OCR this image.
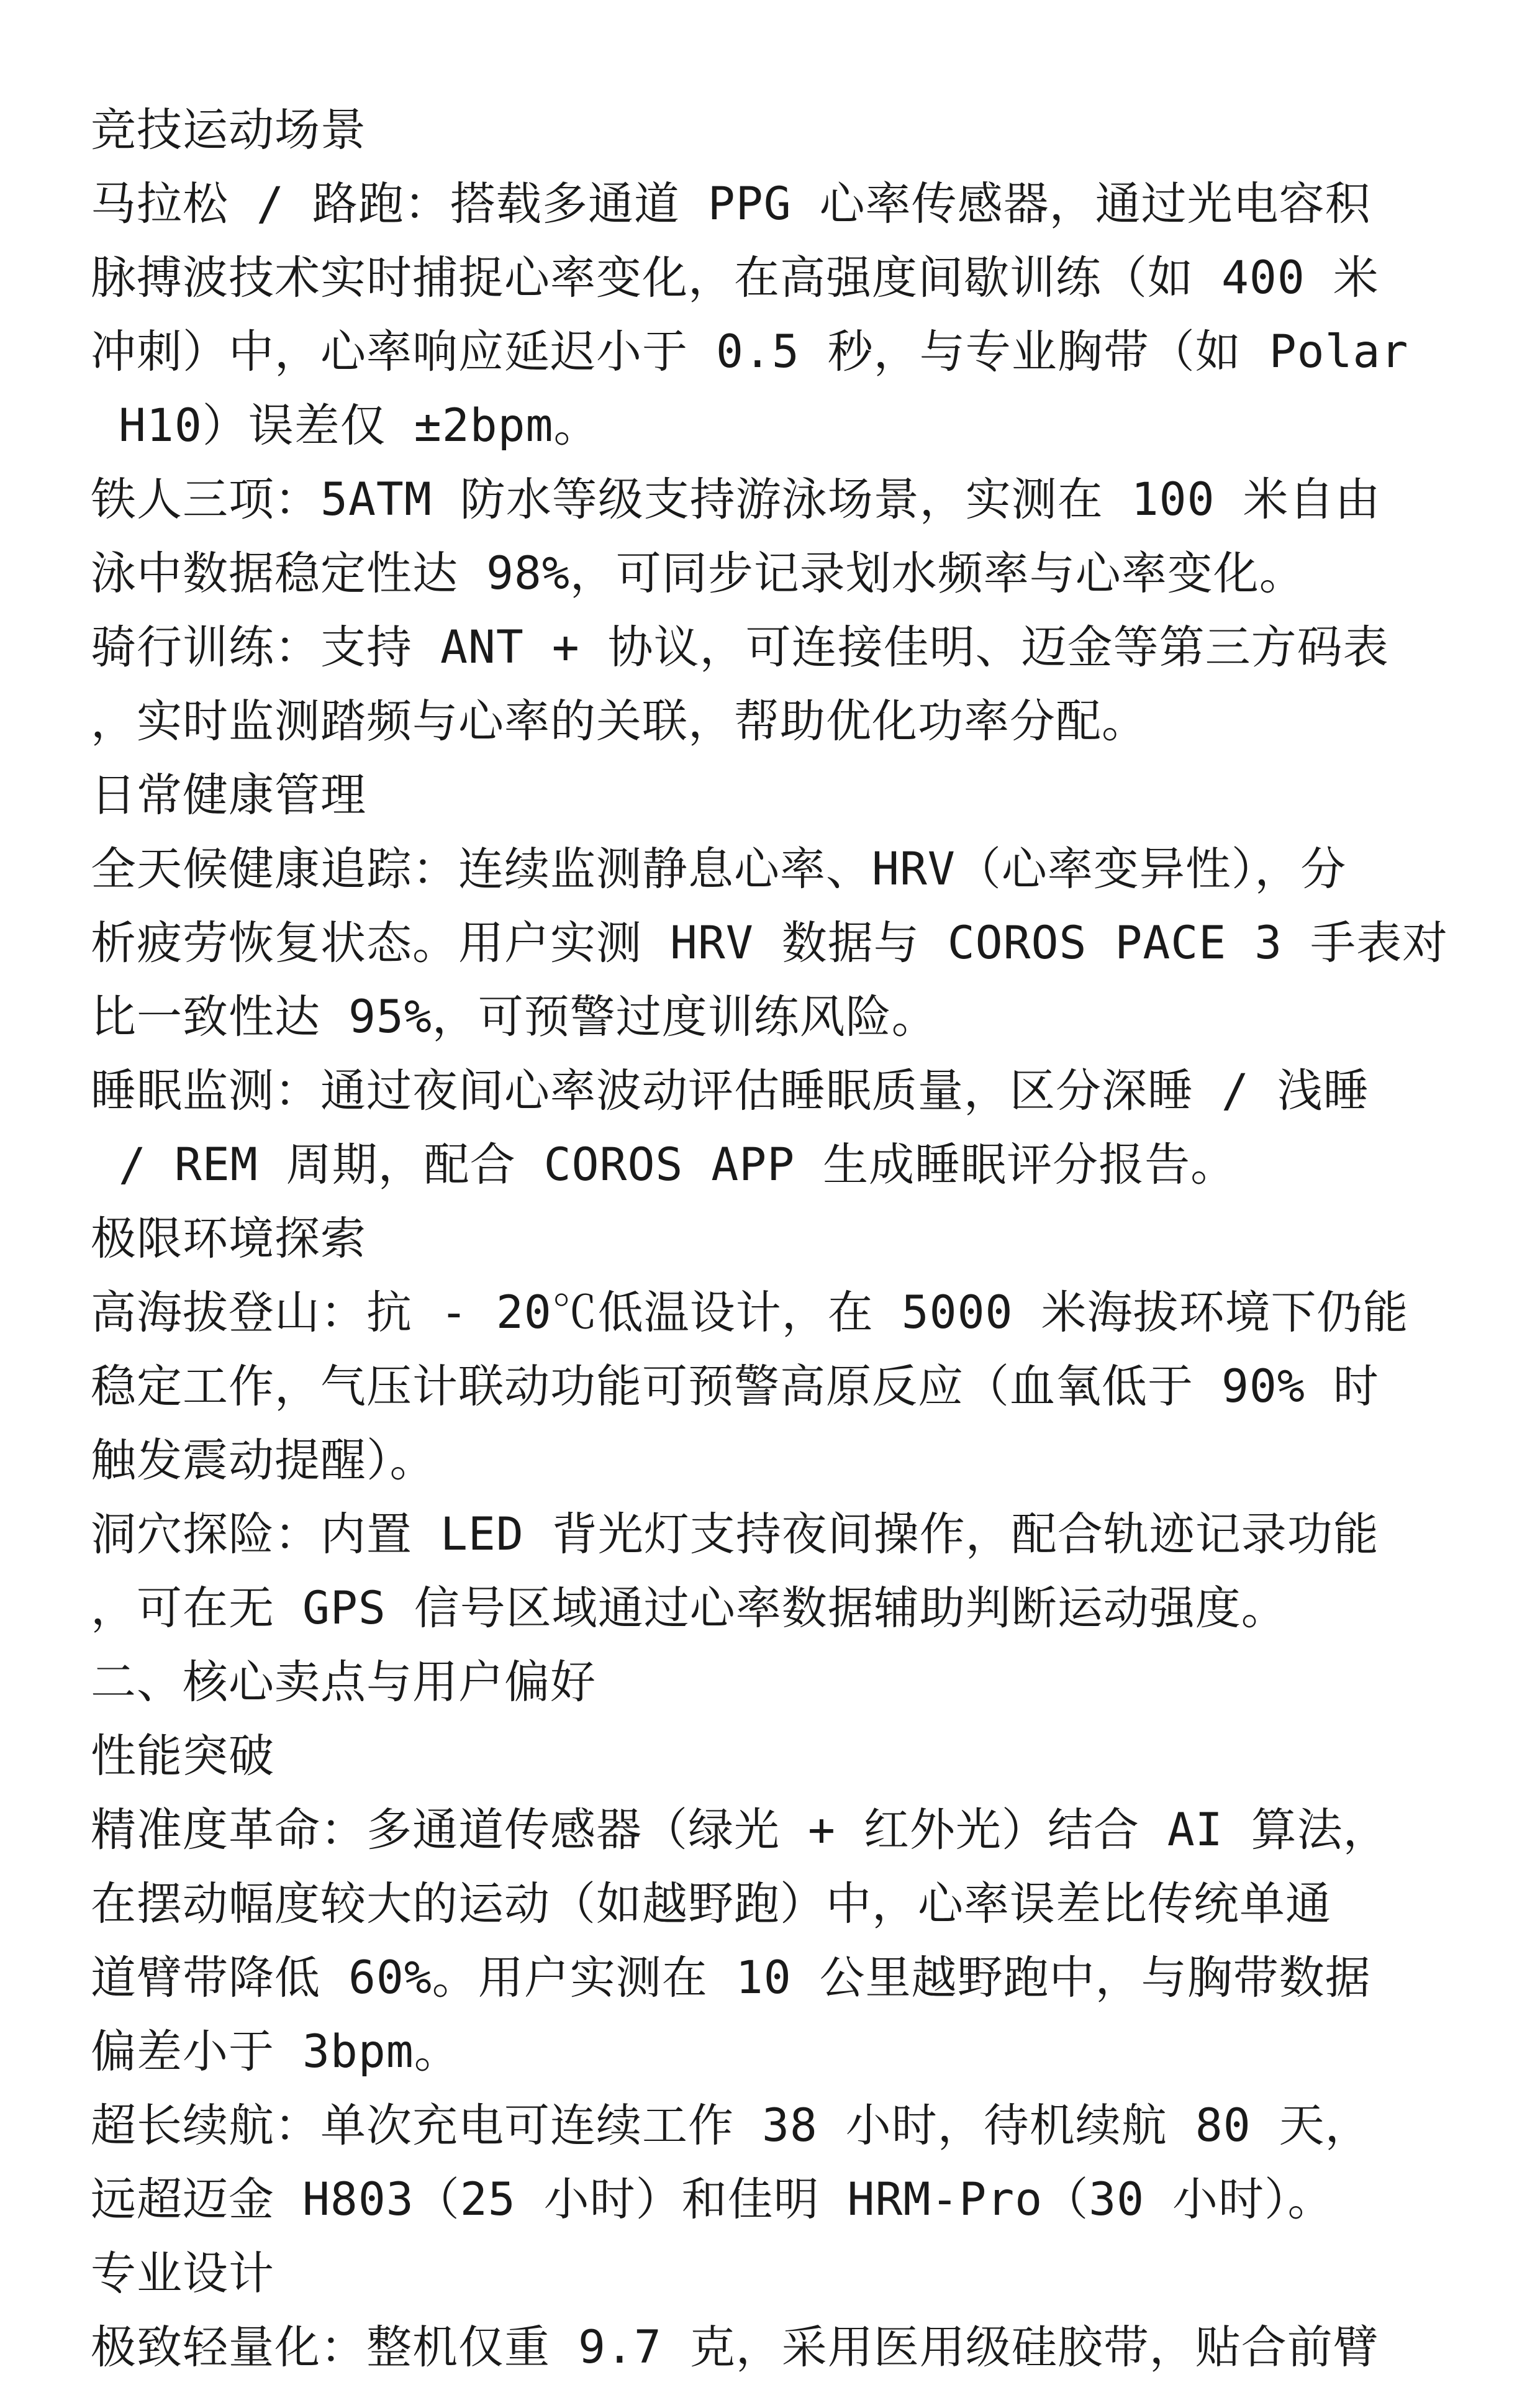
竞技运动场景
马拉松 / 路跑：搭载多通道 PPG 心率传感器，通过光电容积
脉搏波技术实时捕捉心率变化，在高强度间歇训练（如 400 米
冲刺）中，心率响应延迟小于 0.5 秒，与专业胸带（如 Polar
H10）误差仅 ±2bpm。
铁人三项：5ATM 防水等级支持游泳场景，实测在 100 米自由
泳中数据稳定性达 98%，可同步记录划水频率与心率变化。
骑行训练：支持 ANT + 协议，可连接佳明、迈金等第三方码表
，实时监测踏频与心率的关联，帮助优化功率分配。
日常健康管理
全天候健康追踪：连续监测静息心率、HRV（心率变异性），分
析疲劳恢复状态。用户实测 HRV 数据与 COROS PACE 3 手表对
比一致性达 95%，可预警过度训练风险。
睡眠监测：通过夜间心率波动评估睡眠质量，区分深睡 / 浅睡
/ REM 周期，配合 COROS APP 生成睡眠评分报告。
极限环境探索
高海拔登山：抗 - 20℃低温设计，在 5000 米海拔环境下仍能
稳定工作，气压计联动功能可预警高原反应（血氧低于 90% 时
触发震动提醒）。
洞穴探险：内置 LED 背光灯支持夜间操作，配合轨迹记录功能
，可在无 GPS 信号区域通过心率数据辅助判断运动强度。
二、核心卖点与用户偏好
性能突破
精准度革命：多通道传感器（绿光 + 红外光）结合 AI 算法，
在摆动幅度较大的运动（如越野跑）中，心率误差比传统单通
道臂带降低 60%。用户实测在 10 公里越野跑中，与胸带数据
偏差小于 3bpm。
超长续航：单次充电可连续工作 38 小时，待机续航 80 天，
远超迈金 H803（25 小时）和佳明 HRM-Pro（30 小时）。
专业设计
极致轻量化：整机仅重 9.7 克，采用医用级硅胶带，贴合前臂
